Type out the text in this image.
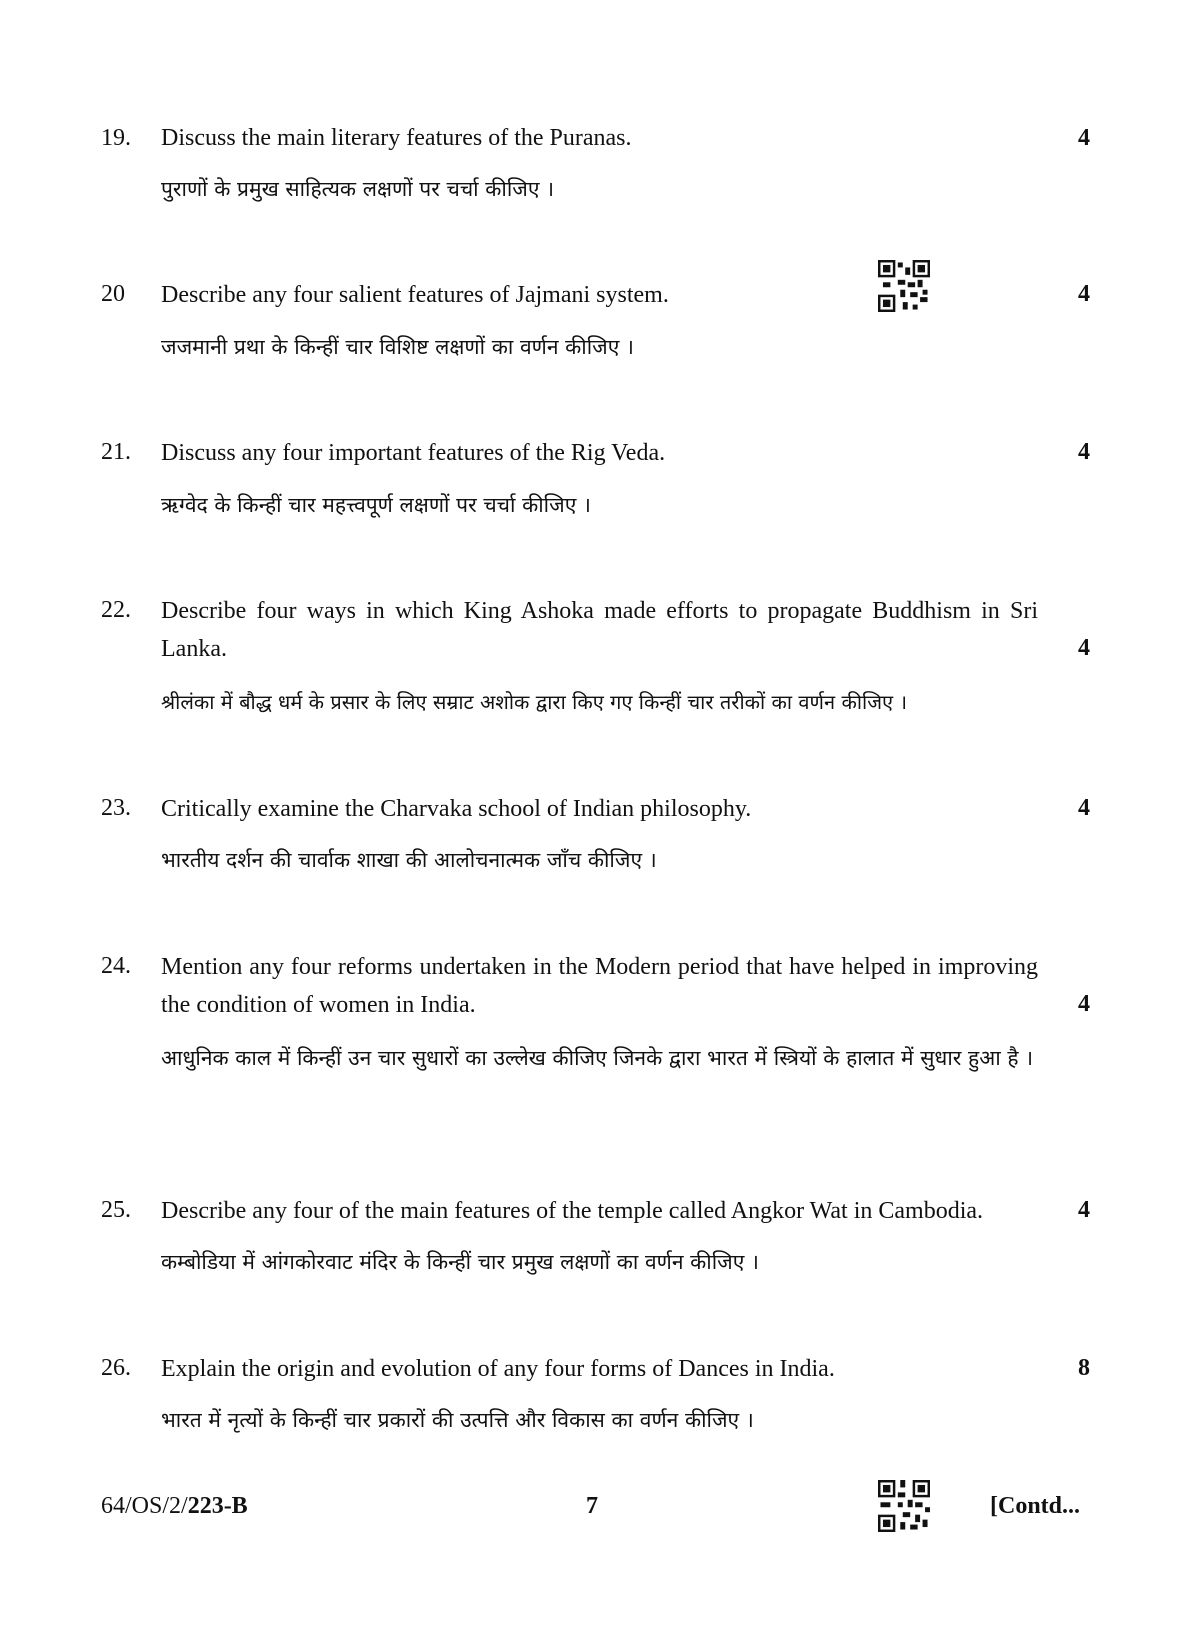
19. Discuss the main literary features of the Puranas.	4
पुराणों के प्रमुख साहित्यक लक्षणों पर चर्चा कीजिए ।
20 Describe any four salient features of Jajmani system.	4
जजमानी प्रथा के किन्हीं चार विशिष्ट लक्षणों का वर्णन कीजिए ।
21. Discuss any four important features of the Rig Veda.	4
ऋग्वेद के किन्हीं चार महत्त्वपूर्ण लक्षणों पर चर्चा कीजिए ।
22. Describe four ways in which King Ashoka made efforts to propagate Buddhism in Sri Lanka.	4
श्रीलंका में बौद्ध धर्म के प्रसार के लिए सम्राट अशोक द्वारा किए गए किन्हीं चार तरीकों का वर्णन कीजिए ।
23. Critically examine the Charvaka school of Indian philosophy.	4
भारतीय दर्शन की चार्वाक शाखा की आलोचनात्मक जाँच कीजिए ।
24. Mention any four reforms undertaken in the Modern period that have helped in improving the condition of women in India.	4
आधुनिक काल में किन्हीं उन चार सुधारों का उल्लेख कीजिए जिनके द्वारा भारत में स्त्रियों के हालात में सुधार हुआ है ।
25. Describe any four of the main features of the temple called Angkor Wat in Cambodia.	4
कम्बोडिया में आंगकोरवाट मंदिर के किन्हीं चार प्रमुख लक्षणों का वर्णन कीजिए ।
26. Explain the origin and evolution of any four forms of Dances in India.	8
भारत में नृत्यों के किन्हीं चार प्रकारों की उत्पत्ति और विकास का वर्णन कीजिए ।
64/OS/2/223-B	7	[Contd...
